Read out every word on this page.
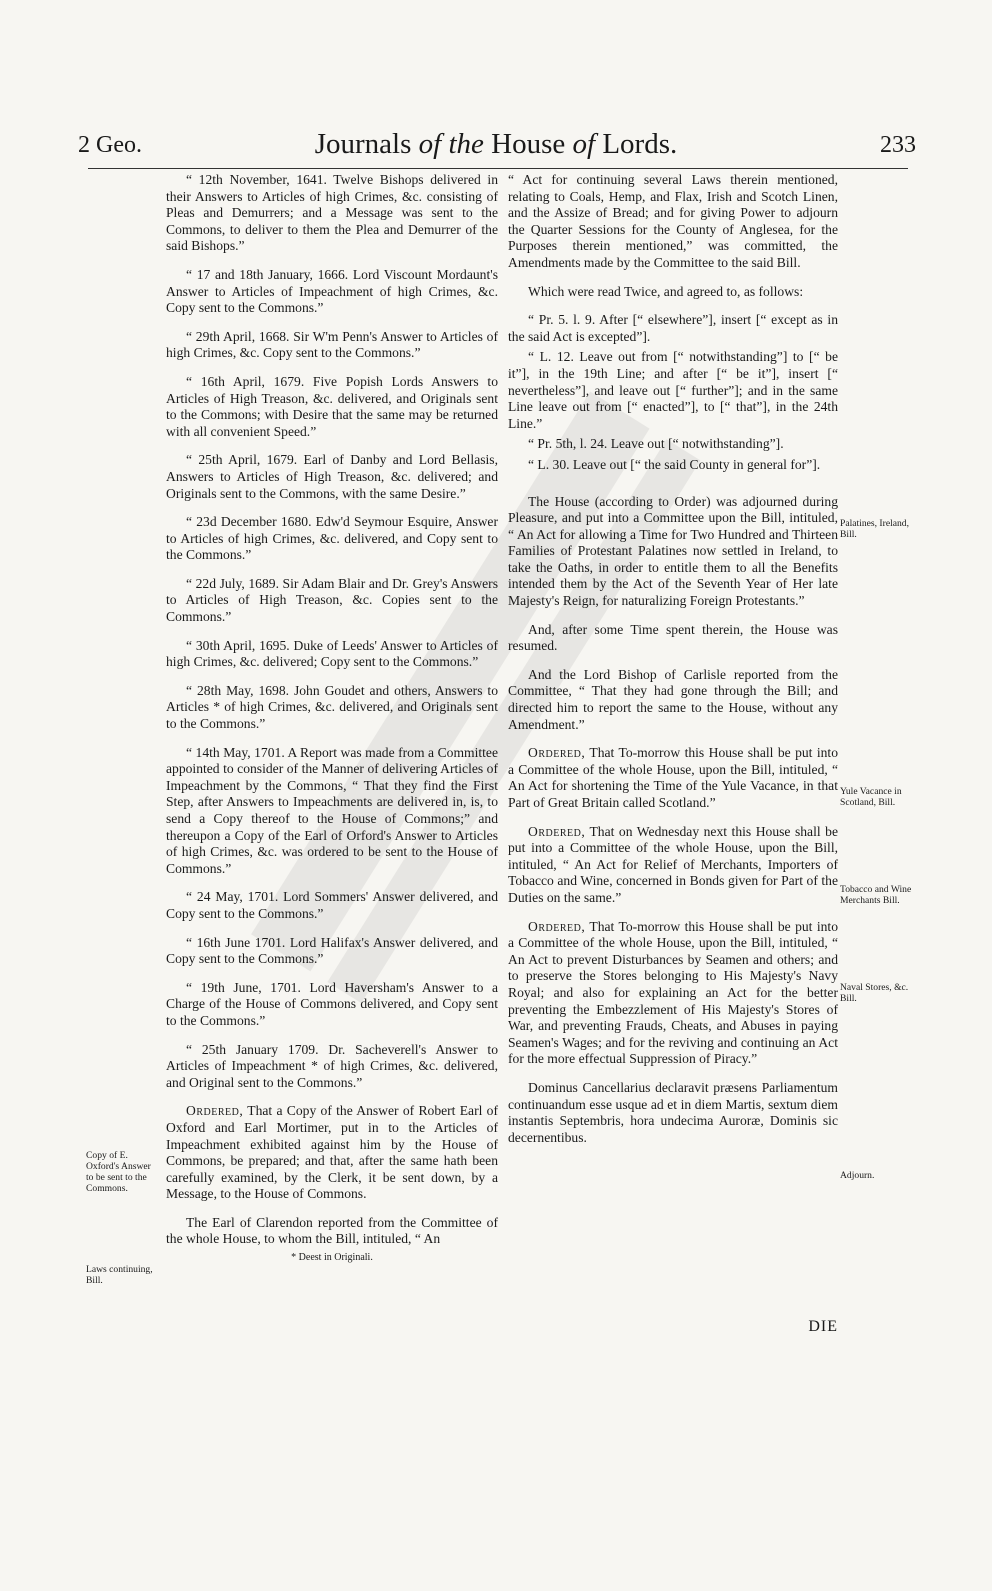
2 Geo.	Journals of the House of Lords.	233

“ 12th November, 1641. Twelve Bishops delivered in their Answers to Articles of high Crimes, &c. consisting of Pleas and Demurrers; and a Message was sent to the Commons, to deliver to them the Plea and Demurrer of the said Bishops.”

“ 17 and 18th January, 1666. Lord Viscount Mordaunt's Answer to Articles of Impeachment of high Crimes, &c. Copy sent to the Commons.”

“ 29th April, 1668. Sir W'm Penn's Answer to Articles of high Crimes, &c. Copy sent to the Commons.”

“ 16th April, 1679. Five Popish Lords Answers to Articles of High Treason, &c. delivered, and Originals sent to the Commons; with Desire that the same may be returned with all convenient Speed.”

“ 25th April, 1679. Earl of Danby and Lord Bellasis, Answers to Articles of High Treason, &c. delivered; and Originals sent to the Commons, with the same Desire.”

“ 23d December 1680. Edw'd Seymour Esquire, Answer to Articles of high Crimes, &c. delivered, and Copy sent to the Commons.”

“ 22d July, 1689. Sir Adam Blair and Dr. Grey's Answers to Articles of High Treason, &c. Copies sent to the Commons.”

“ 30th April, 1695. Duke of Leeds' Answer to Articles of high Crimes, &c. delivered; Copy sent to the Commons.”

“ 28th May, 1698. John Goudet and others, Answers to Articles * of high Crimes, &c. delivered, and Originals sent to the Commons.”

“ 14th May, 1701. A Report was made from a Committee appointed to consider of the Manner of delivering Articles of Impeachment by the Commons, “ That they find the First Step, after Answers to Impeachments are delivered in, is, to send a Copy thereof to the House of Commons;” and thereupon a Copy of the Earl of Orford's Answer to Articles of high Crimes, &c. was ordered to be sent to the House of Commons.”

“ 24 May, 1701. Lord Sommers' Answer delivered, and Copy sent to the Commons.”

“ 16th June 1701. Lord Halifax's Answer delivered, and Copy sent to the Commons.”

“ 19th June, 1701. Lord Haversham's Answer to a Charge of the House of Commons delivered, and Copy sent to the Commons.”

“ 25th January 1709. Dr. Sacheverell's Answer to Articles of Impeachment * of high Crimes, &c. delivered, and Original sent to the Commons.”

Ordered, That a Copy of the Answer of Robert Earl of Oxford and Earl Mortimer, put in to the Articles of Impeachment exhibited against him by the House of Commons, be prepared; and that, after the same hath been carefully examined, by the Clerk, it be sent down, by a Message, to the House of Commons.

The Earl of Clarendon reported from the Committee of the whole House, to whom the Bill, intituled, “ An

* Deest in Originali.

“ Act for continuing several Laws therein mentioned, relating to Coals, Hemp, and Flax, Irish and Scotch Linen, and the Assize of Bread; and for giving Power to adjourn the Quarter Sessions for the County of Anglesea, for the Purposes therein mentioned,” was committed, the Amendments made by the Committee to the said Bill.

Which were read Twice, and agreed to, as follows:

“ Pr. 5. l. 9. After [“ elsewhere”], insert [“ except as in the said Act is excepted”].

“ L. 12. Leave out from [“ notwithstanding”] to [“ be it”], in the 19th Line; and after [“ be it”], insert [“ nevertheless”], and leave out [“ further”]; and in the same Line leave out from [“ enacted”], to [“ that”], in the 24th Line.”

“ Pr. 5th, l. 24. Leave out [“ notwithstanding”].

“ L. 30. Leave out [“ the said County in general for”].

The House (according to Order) was adjourned during Pleasure, and put into a Committee upon the Bill, intituled, “ An Act for allowing a Time for Two Hundred and Thirteen Families of Protestant Palatines now settled in Ireland, to take the Oaths, in order to entitle them to all the Benefits intended them by the Act of the Seventh Year of Her late Majesty's Reign, for naturalizing Foreign Protestants.”

And, after some Time spent therein, the House was resumed.

And the Lord Bishop of Carlisle reported from the Committee, “ That they had gone through the Bill; and directed him to report the same to the House, without any Amendment.”

Ordered, That To-morrow this House shall be put into a Committee of the whole House, upon the Bill, intituled, “ An Act for shortening the Time of the Yule Vacance, in that Part of Great Britain called Scotland.”

Ordered, That on Wednesday next this House shall be put into a Committee of the whole House, upon the Bill, intituled, “ An Act for Relief of Merchants, Importers of Tobacco and Wine, concerned in Bonds given for Part of the Duties on the same.”

Ordered, That To-morrow this House shall be put into a Committee of the whole House, upon the Bill, intituled, “ An Act to prevent Disturbances by Seamen and others; and to preserve the Stores belonging to His Majesty's Navy Royal; and also for explaining an Act for the better preventing the Embezzlement of His Majesty's Stores of War, and preventing Frauds, Cheats, and Abuses in paying Seamen's Wages; and for the reviving and continuing an Act for the more effectual Suppression of Piracy.”

Dominus Cancellarius declaravit præsens Parliamentum continuandum esse usque ad et in diem Martis, sextum diem instantis Septembris, hora undecima Auroræ, Dominis sic decernentibus.

Copy of E. Oxford's Answer to be sent to the Commons.
Laws continuing, Bill.
Palatines, Ireland, Bill.
Yule Vacance in Scotland, Bill.
Tobacco and Wine Merchants Bill.
Naval Stores, &c. Bill.
Adjourn.
DIE
